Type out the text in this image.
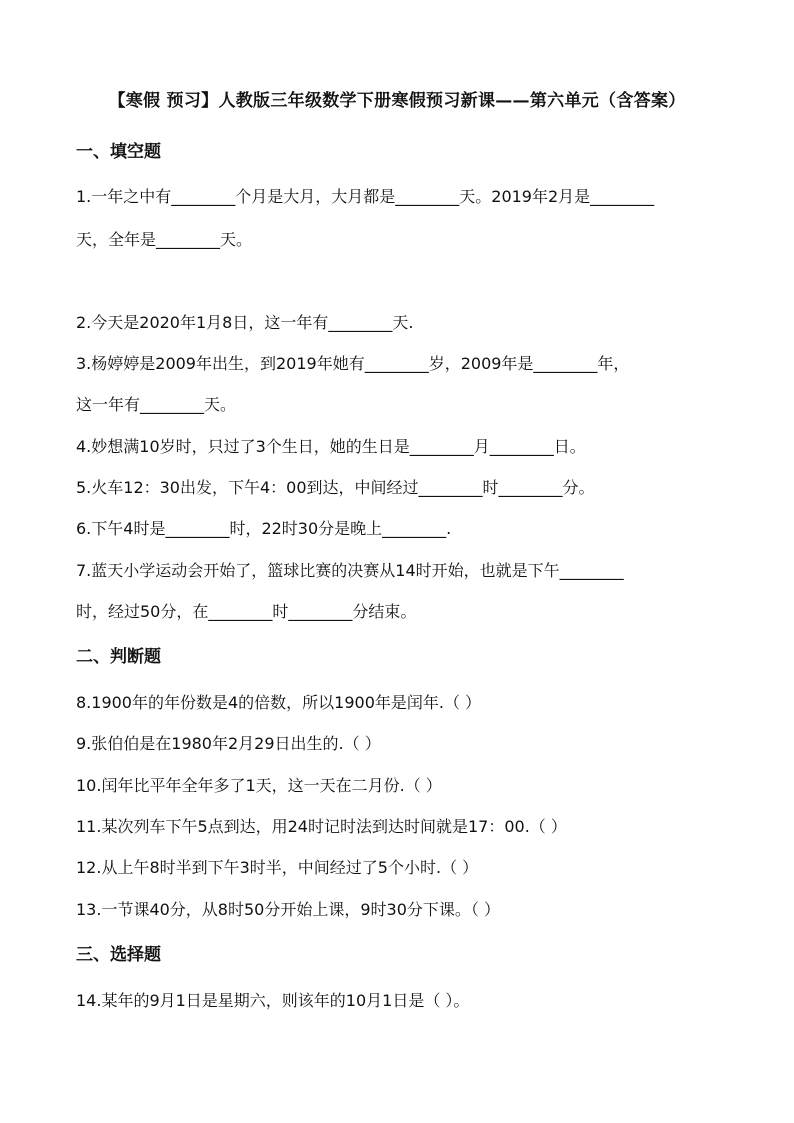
【寒假 预习】人教版三年级数学下册寒假预习新课——第六单元（含答案）
一、填空题
1.一年之中有________个月是大月，大月都是________天。2019年2月是________
天，全年是________天。
2.今天是2020年1月8日，这一年有________天.
3.杨婷婷是2009年出生，到2019年她有________岁，2009年是________年，
这一年有________天。
4.妙想满10岁时，只过了3个生日，她的生日是________月________日。
5.火车12：30出发，下午4：00到达，中间经过________时________分。
6.下午4时是________时，22时30分是晚上________.
7.蓝天小学运动会开始了，篮球比赛的决赛从14时开始，也就是下午________
时，经过50分，在________时________分结束。
二、判断题
8.1900年的年份数是4的倍数，所以1900年是闰年.（ ）
9.张伯伯是在1980年2月29日出生的.（ ）
10.闰年比平年全年多了1天，这一天在二月份.（ ）
11.某次列车下午5点到达，用24时记时法到达时间就是17：00.（ ）
12.从上午8时半到下午3时半，中间经过了5个小时.（ ）
13.一节课40分，从8时50分开始上课，9时30分下课。（ ）
三、选择题
14.某年的9月1日是星期六，则该年的10月1日是（ ）。
